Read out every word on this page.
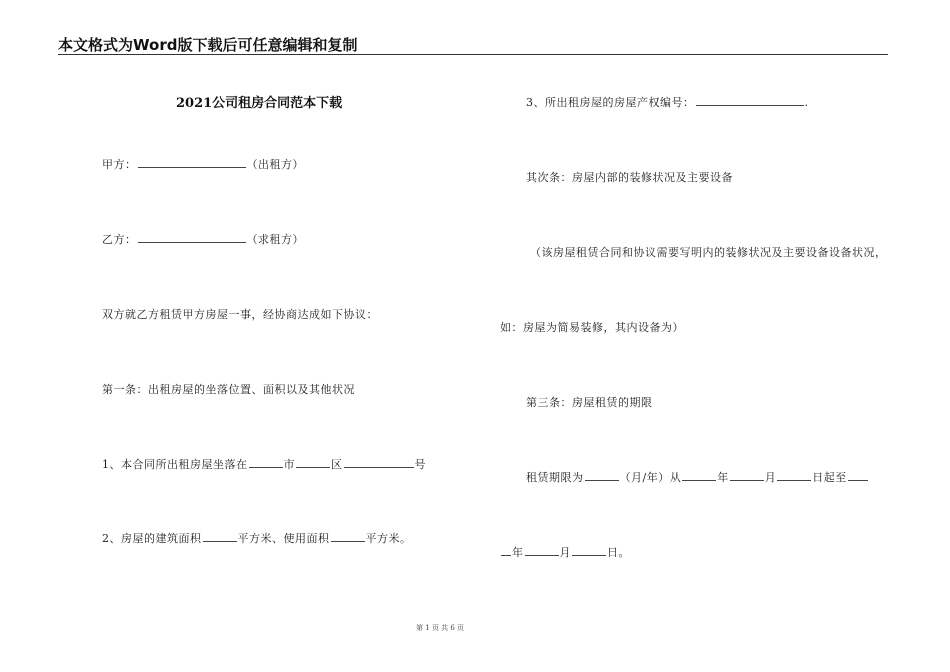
本文格式为Word版下载后可任意编辑和复制
2021公司租房合同范本下载
甲方：	（出租方）
乙方：	（求租方）
双方就乙方租赁甲方房屋一事，经协商达成如下协议：
第一条：出租房屋的坐落位置、面积以及其他状况
1、本合同所出租房屋坐落在	市	区	号
2、房屋的建筑面积	平方米、使用面积	平方米。
3、所出租房屋的房屋产权编号：	.
其次条：房屋内部的装修状况及主要设备
（该房屋租赁合同和协议需要写明内的装修状况及主要设备设备状况，
如：房屋为简易装修，其内设备为）
第三条：房屋租赁的期限
租赁期限为	（月/年）从	年	月	日起至
年	月	日。
第 1 页 共 6 页
